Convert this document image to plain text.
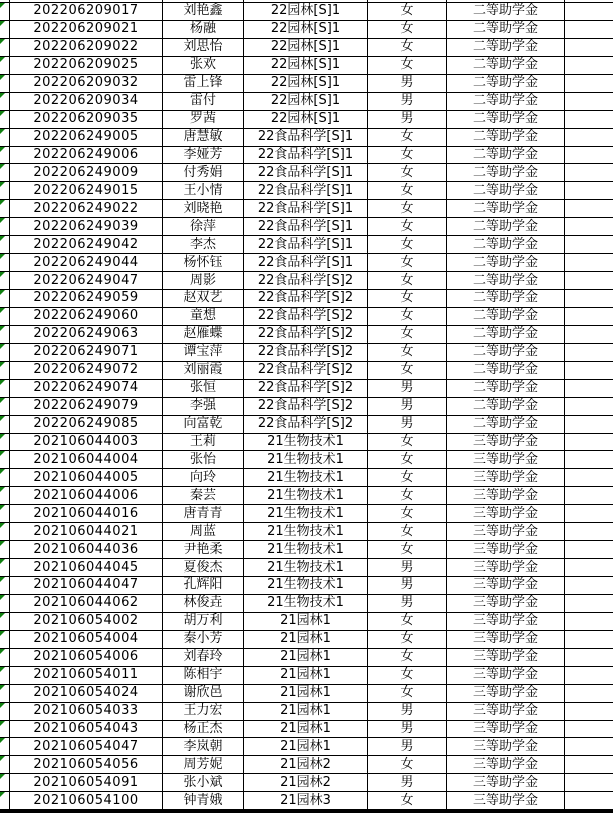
202206209017	刘艳鑫	22园林[S]1	女	二等助学金
202206209021	杨融	22园林[S]1	女	二等助学金
202206209022	刘思怡	22园林[S]1	女	二等助学金
202206209025	张欢	22园林[S]1	女	二等助学金
202206209032	雷上锋	22园林[S]1	男	二等助学金
202206209034	雷付	22园林[S]1	男	二等助学金
202206209035	罗茜	22园林[S]1	男	二等助学金
202206249005	唐慧敏	22食品科学[S]1	女	二等助学金
202206249006	李娅芳	22食品科学[S]1	女	二等助学金
202206249009	付秀娟	22食品科学[S]1	女	二等助学金
202206249015	王小情	22食品科学[S]1	女	二等助学金
202206249022	刘晓艳	22食品科学[S]1	女	二等助学金
202206249039	徐萍	22食品科学[S]1	女	二等助学金
202206249042	李杰	22食品科学[S]1	女	二等助学金
202206249044	杨怀钰	22食品科学[S]1	女	二等助学金
202206249047	周影	22食品科学[S]2	女	二等助学金
202206249059	赵双艺	22食品科学[S]2	女	二等助学金
202206249060	童想	22食品科学[S]2	女	二等助学金
202206249063	赵雁蝶	22食品科学[S]2	女	二等助学金
202206249071	谭宝萍	22食品科学[S]2	女	二等助学金
202206249072	刘丽霞	22食品科学[S]2	女	二等助学金
202206249074	张恒	22食品科学[S]2	男	二等助学金
202206249079	李强	22食品科学[S]2	男	二等助学金
202206249085	向富乾	22食品科学[S]2	男	二等助学金
202106044003	王莉	21生物技术1	女	三等助学金
202106044004	张怡	21生物技术1	女	三等助学金
202106044005	向玲	21生物技术1	女	三等助学金
202106044006	秦芸	21生物技术1	女	三等助学金
202106044016	唐青青	21生物技术1	女	三等助学金
202106044021	周蓝	21生物技术1	女	三等助学金
202106044036	尹艳柔	21生物技术1	女	三等助学金
202106044045	夏俊杰	21生物技术1	男	三等助学金
202106044047	孔辉阳	21生物技术1	男	三等助学金
202106044062	林俊垚	21生物技术1	男	三等助学金
202106054002	胡万利	21园林1	女	三等助学金
202106054004	秦小芳	21园林1	女	三等助学金
202106054006	刘春玲	21园林1	女	三等助学金
202106054011	陈相宇	21园林1	女	三等助学金
202106054024	谢欣邑	21园林1	女	三等助学金
202106054033	王力宏	21园林1	男	三等助学金
202106054043	杨正杰	21园林1	男	三等助学金
202106054047	李岚朝	21园林1	男	三等助学金
202106054056	周芳妮	21园林2	女	三等助学金
202106054091	张小斌	21园林2	男	三等助学金
202106054100	钟青娥	21园林3	女	三等助学金
